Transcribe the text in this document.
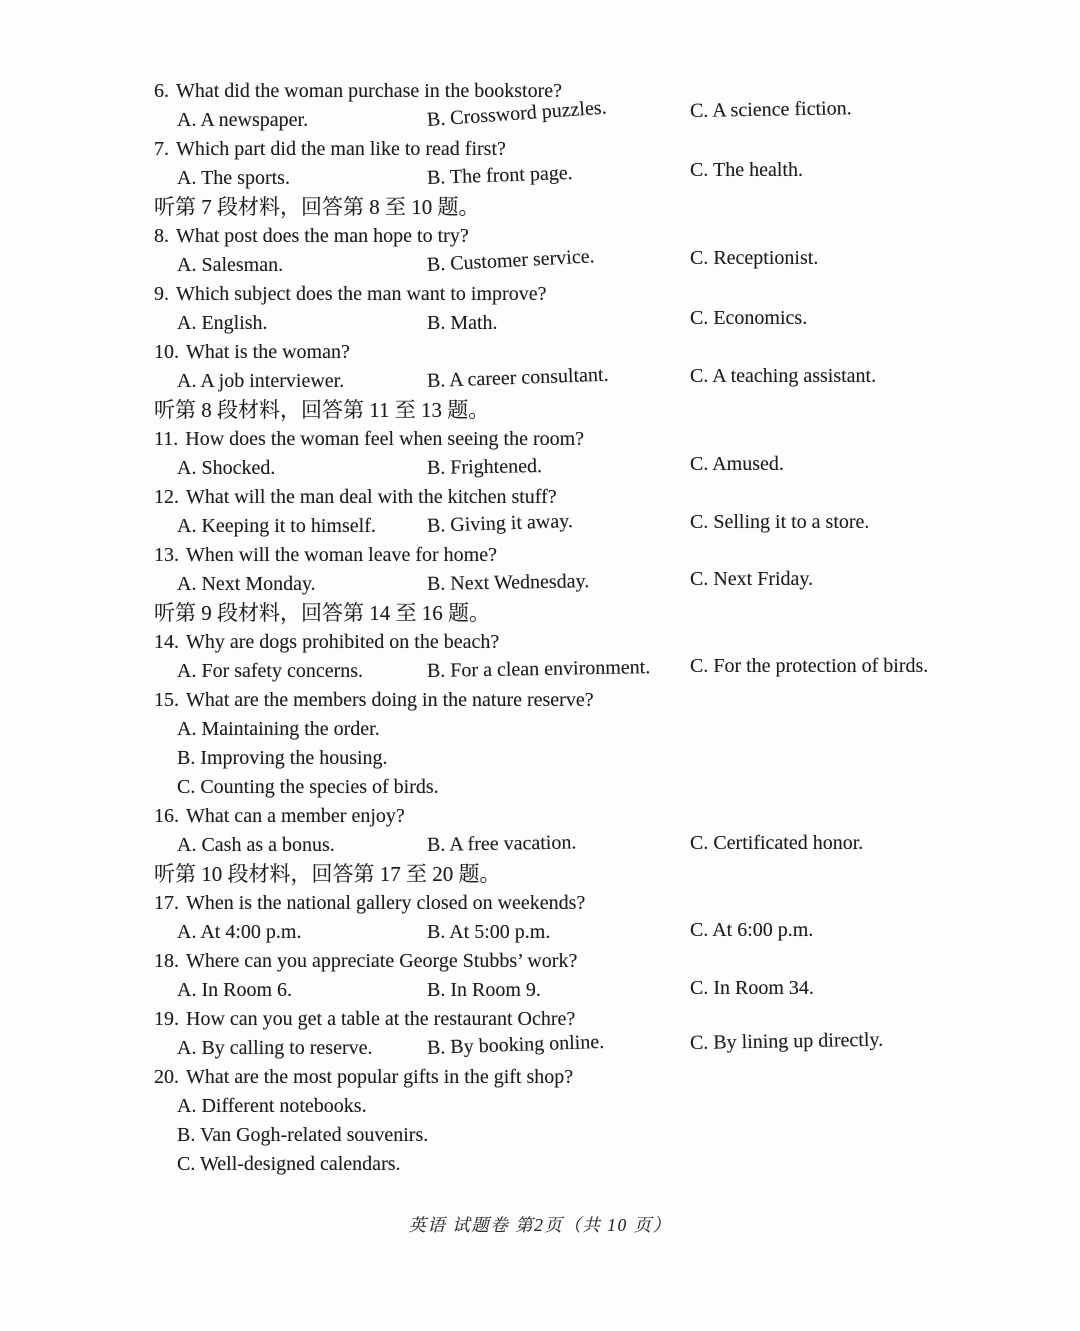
6. What did the woman purchase in the bookstore?
A. A newspaper.	B. Crossword puzzles.	C. A science fiction.
7. Which part did the man like to read first?
A. The sports.	B. The front page.	C. The health.
听第 7 段材料，回答第 8 至 10 题。
8. What post does the man hope to try?
A. Salesman.	B. Customer service.	C. Receptionist.
9. Which subject does the man want to improve?
A. English.	B. Math.	C. Economics.
10. What is the woman?
A. A job interviewer.	B. A career consultant.	C. A teaching assistant.
听第 8 段材料，回答第 11 至 13 题。
11. How does the woman feel when seeing the room?
A. Shocked.	B. Frightened.	C. Amused.
12. What will the man deal with the kitchen stuff?
A. Keeping it to himself.	B. Giving it away.	C. Selling it to a store.
13. When will the woman leave for home?
A. Next Monday.	B. Next Wednesday.	C. Next Friday.
听第 9 段材料，回答第 14 至 16 题。
14. Why are dogs prohibited on the beach?
A. For safety concerns.	B. For a clean environment. C. For the protection of birds.
15. What are the members doing in the nature reserve?
A. Maintaining the order.
B. Improving the housing.
C. Counting the species of birds.
16. What can a member enjoy?
A. Cash as a bonus.	B. A free vacation.	C. Certificated honor.
听第 10 段材料，回答第 17 至 20 题。
17. When is the national gallery closed on weekends?
A. At 4:00 p.m.	B. At 5:00 p.m.	C. At 6:00 p.m.
18. Where can you appreciate George Stubbs’ work?
A. In Room 6.	B. In Room 9.	C. In Room 34.
19. How can you get a table at the restaurant Ochre?
A. By calling to reserve.	B. By booking online.	C. By lining up directly.
20. What are the most popular gifts in the gift shop?
A. Different notebooks.
B. Van Gogh-related souvenirs.
C. Well-designed calendars.
英语 试题卷 第2页（共 10 页）
